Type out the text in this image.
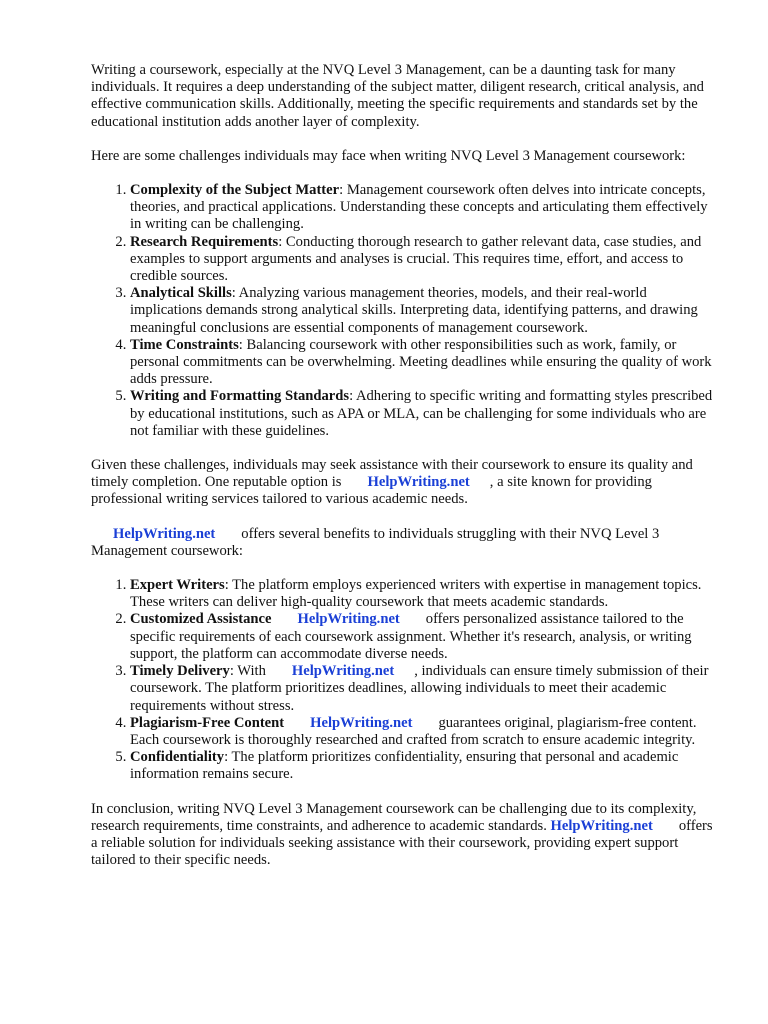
Writing a coursework, especially at the NVQ Level 3 Management, can be a daunting task for many individuals. It requires a deep understanding of the subject matter, diligent research, critical analysis, and effective communication skills. Additionally, meeting the specific requirements and standards set by the educational institution adds another layer of complexity.

Here are some challenges individuals may face when writing NVQ Level 3 Management coursework:

1. Complexity of the Subject Matter: Management coursework often delves into intricate concepts, theories, and practical applications. Understanding these concepts and articulating them effectively in writing can be challenging.
2. Research Requirements: Conducting thorough research to gather relevant data, case studies, and examples to support arguments and analyses is crucial. This requires time, effort, and access to credible sources.
3. Analytical Skills: Analyzing various management theories, models, and their real-world implications demands strong analytical skills. Interpreting data, identifying patterns, and drawing meaningful conclusions are essential components of management coursework.
4. Time Constraints: Balancing coursework with other responsibilities such as work, family, or personal commitments can be overwhelming. Meeting deadlines while ensuring the quality of work adds pressure.
5. Writing and Formatting Standards: Adhering to specific writing and formatting styles prescribed by educational institutions, such as APA or MLA, can be challenging for some individuals who are not familiar with these guidelines.

Given these challenges, individuals may seek assistance with their coursework to ensure its quality and timely completion. One reputable option is HelpWriting.net , a site known for providing professional writing services tailored to various academic needs.

HelpWriting.net offers several benefits to individuals struggling with their NVQ Level 3 Management coursework:

1. Expert Writers: The platform employs experienced writers with expertise in management topics. These writers can deliver high-quality coursework that meets academic standards.
2. Customized Assistance HelpWriting.net offers personalized assistance tailored to the specific requirements of each coursework assignment. Whether it's research, analysis, or writing support, the platform can accommodate diverse needs.
3. Timely Delivery: With HelpWriting.net , individuals can ensure timely submission of their coursework. The platform prioritizes deadlines, allowing individuals to meet their academic requirements without stress.
4. Plagiarism-Free Content HelpWriting.net guarantees original, plagiarism-free content. Each coursework is thoroughly researched and crafted from scratch to ensure academic integrity.
5. Confidentiality: The platform prioritizes confidentiality, ensuring that personal and academic information remains secure.

In conclusion, writing NVQ Level 3 Management coursework can be challenging due to its complexity, research requirements, time constraints, and adherence to academic standards. HelpWriting.net offers a reliable solution for individuals seeking assistance with their coursework, providing expert support tailored to their specific needs.
